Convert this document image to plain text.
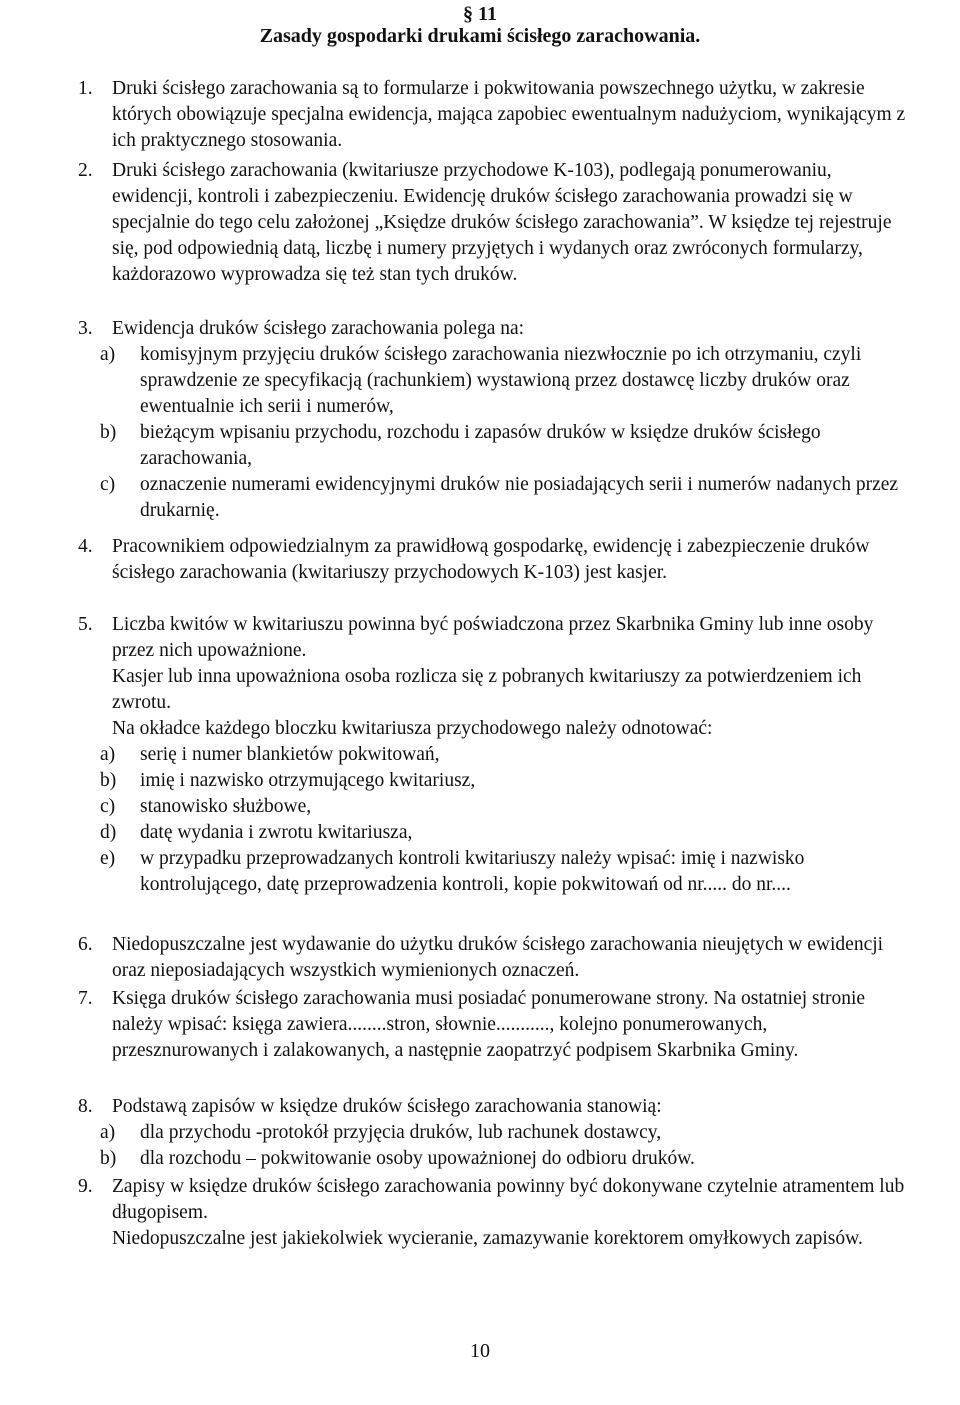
§ 11
Zasady gospodarki drukami ścisłego zarachowania.
1. Druki ścisłego zarachowania są to formularze i pokwitowania powszechnego użytku, w zakresie których obowiązuje specjalna ewidencja, mająca zapobiec ewentualnym nadużyciom, wynikającym z ich praktycznego stosowania.

2. Druki ścisłego zarachowania (kwitariusze przychodowe K-103), podlegają ponumerowaniu, ewidencji, kontroli i zabezpieczeniu. Ewidencję druków ścisłego zarachowania prowadzi się w specjalnie do tego celu założonej „Księdze druków ścisłego zarachowania”. W księdze tej rejestruje się, pod odpowiednią datą, liczbę i numery przyjętych i wydanych oraz zwróconych formularzy, każdorazowo wyprowadza się też stan tych druków.

3. Ewidencja druków ścisłego zarachowania polega na:

a) komisyjnym przyjęciu druków ścisłego zarachowania niezwłocznie po ich otrzymaniu, czyli sprawdzenie ze specyfikacją (rachunkiem) wystawioną przez dostawcę liczby druków oraz ewentualnie ich serii i numerów,
b) bieżącym wpisaniu przychodu, rozchodu i zapasów druków w księdze druków ścisłego zarachowania,
c) oznaczenie numerami ewidencyjnymi druków nie posiadających serii i numerów nadanych przez drukarnię.
4. Pracownikiem odpowiedzialnym za prawidłową gospodarkę, ewidencję i zabezpieczenie druków ścisłego zarachowania (kwitariuszy przychodowych K-103) jest kasjer.

5. Liczba kwitów w kwitariuszu powinna być poświadczona przez Skarbnika Gminy lub inne osoby przez nich upoważnione.

Kasjer lub inna upoważniona osoba rozlicza się z pobranych kwitariuszy za potwierdzeniem ich zwrotu.

Na okładce każdego bloczku kwitariusza przychodowego należy odnotować:

a) serię i numer blankietów pokwitowań,
b) imię i nazwisko otrzymującego kwitariusz,
c) stanowisko służbowe,
d) datę wydania i zwrotu kwitariusza,
e) w przypadku przeprowadzanych kontroli kwitariuszy należy wpisać: imię i nazwisko kontrolującego, datę przeprowadzenia kontroli, kopie pokwitowań od nr..... do nr....
6. Niedopuszczalne jest wydawanie do użytku druków ścisłego zarachowania nieujętych w ewidencji oraz nieposiadających wszystkich wymienionych oznaczeń.

7. Księga druków ścisłego zarachowania musi posiadać ponumerowane strony. Na ostatniej stronie należy wpisać: księga zawiera........stron, słownie..........., kolejno ponumerowanych, przesznurowanych i zalakowanych, a następnie zaopatrzyć podpisem Skarbnika Gminy.

8. Podstawą zapisów w księdze druków ścisłego zarachowania stanowią:

a) dla przychodu -protokół przyjęcia druków, lub rachunek dostawcy,
b) dla rozchodu – pokwitowanie osoby upoważnionej do odbioru druków.
9. Zapisy w księdze druków ścisłego zarachowania powinny być dokonywane czytelnie atramentem lub długopisem.

Niedopuszczalne jest jakiekolwiek wycieranie, zamazywanie korektorem omyłkowych zapisów.

10
